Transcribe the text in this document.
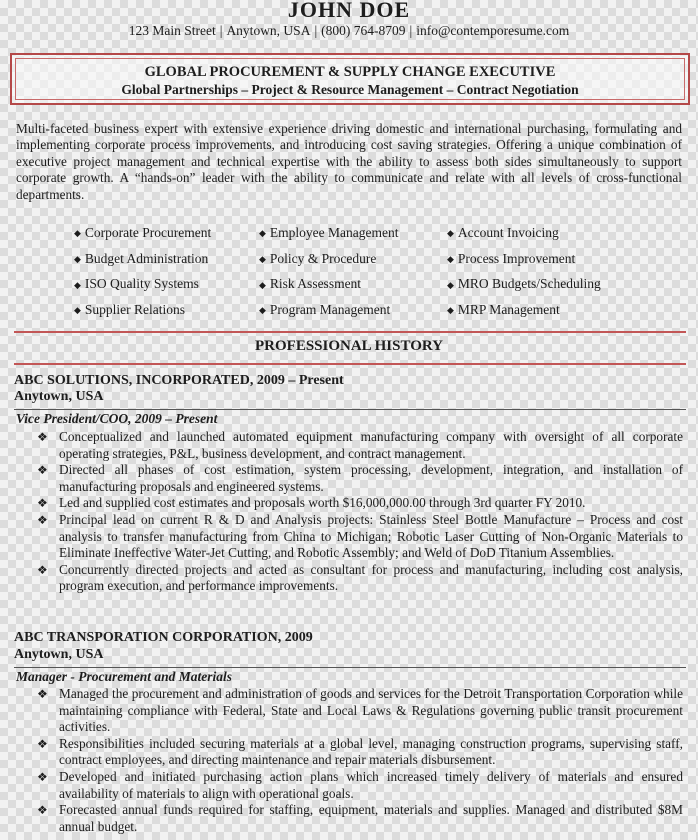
JOHN DOE
123 Main Street | Anytown, USA | (800) 764-8709 | info@contemporesume.com
GLOBAL PROCUREMENT & SUPPLY CHANGE EXECUTIVE
Global Partnerships – Project & Resource Management – Contract Negotiation
Multi-faceted business expert with extensive experience driving domestic and international purchasing, formulating and implementing corporate process improvements, and introducing cost saving strategies. Offering a unique combination of executive project management and technical expertise with the ability to assess both sides simultaneously to support corporate growth. A “hands-on” leader with the ability to communicate and relate with all levels of cross-functional departments.
◆ Corporate Procurement
◆ Budget Administration
◆ ISO Quality Systems
◆ Supplier Relations
◆ Employee Management
◆ Policy & Procedure
◆ Risk Assessment
◆ Program Management
◆ Account Invoicing
◆ Process Improvement
◆ MRO Budgets/Scheduling
◆ MRP Management
PROFESSIONAL HISTORY
ABC SOLUTIONS, INCORPORATED, 2009 – Present
Anytown, USA
Vice President/COO, 2009 – Present
❖ Conceptualized and launched automated equipment manufacturing company with oversight of all corporate operating strategies, P&L, business development, and contract management.
❖ Directed all phases of cost estimation, system processing, development, integration, and installation of manufacturing proposals and engineered systems.
❖ Led and supplied cost estimates and proposals worth $16,000,000.00 through 3rd quarter FY 2010.
❖ Principal lead on current R & D and Analysis projects: Stainless Steel Bottle Manufacture – Process and cost analysis to transfer manufacturing from China to Michigan; Robotic Laser Cutting of Non-Organic Materials to Eliminate Ineffective Water-Jet Cutting, and Robotic Assembly; and Weld of DoD Titanium Assemblies.
❖ Concurrently directed projects and acted as consultant for process and manufacturing, including cost analysis, program execution, and performance improvements.
ABC TRANSPORATION CORPORATION, 2009
Anytown, USA
Manager - Procurement and Materials
❖ Managed the procurement and administration of goods and services for the Detroit Transportation Corporation while maintaining compliance with Federal, State and Local Laws & Regulations governing public transit procurement activities.
❖ Responsibilities included securing materials at a global level, managing construction programs, supervising staff, contract employees, and directing maintenance and repair materials disbursement.
❖ Developed and initiated purchasing action plans which increased timely delivery of materials and ensured availability of materials to align with operational goals.
❖ Forecasted annual funds required for staffing, equipment, materials and supplies. Managed and distributed $8M annual budget.
